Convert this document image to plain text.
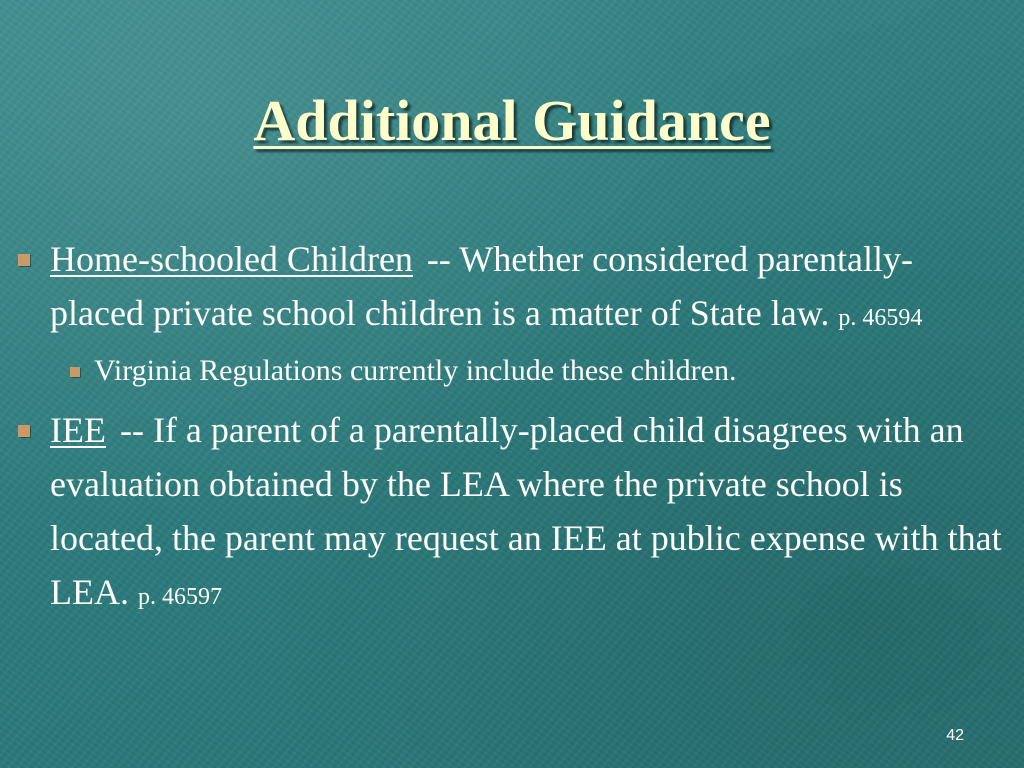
Additional Guidance
Home-schooled Children -- Whether considered parentally-placed private school children is a matter of State law. p. 46594
Virginia Regulations currently include these children.
IEE -- If a parent of a parentally-placed child disagrees with an evaluation obtained by the LEA where the private school is located, the parent may request an IEE at public expense with that LEA. p. 46597
42
